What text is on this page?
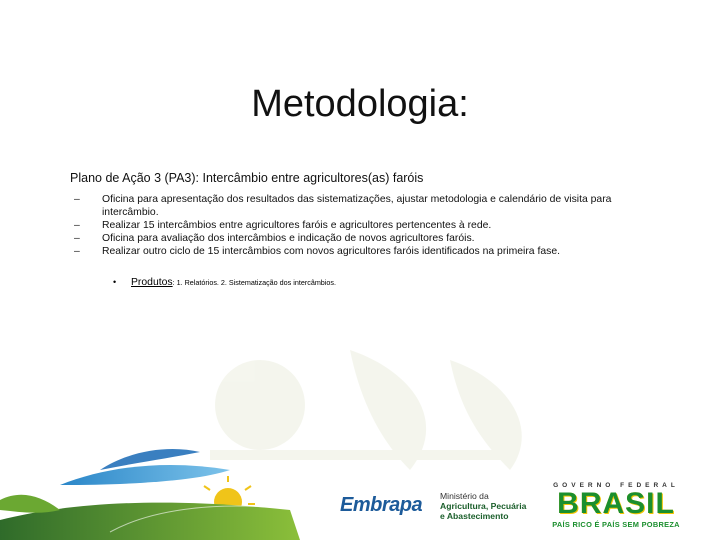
Metodologia:
Plano de Ação 3 (PA3): Intercâmbio entre agricultores(as) faróis
–	Oficina para apresentação dos resultados das sistematizações, ajustar metodologia e calendário de visita para intercâmbio.
–	Realizar 15 intercâmbios entre agricultores faróis e agricultores pertencentes à rede.
–	Oficina para avaliação dos intercâmbios e indicação de novos agricultores faróis.
–	Realizar outro ciclo de 15 intercâmbios com novos agricultores faróis identificados na primeira fase.
• Produtos: 1. Relatórios. 2. Sistematização dos intercâmbios.
Embrapa Ministério da
Agricultura, Pecuária
e Abastecimento
GOVERNO FEDERAL
BRASIL
PAÍS RICO É PAÍS SEM POBREZA
